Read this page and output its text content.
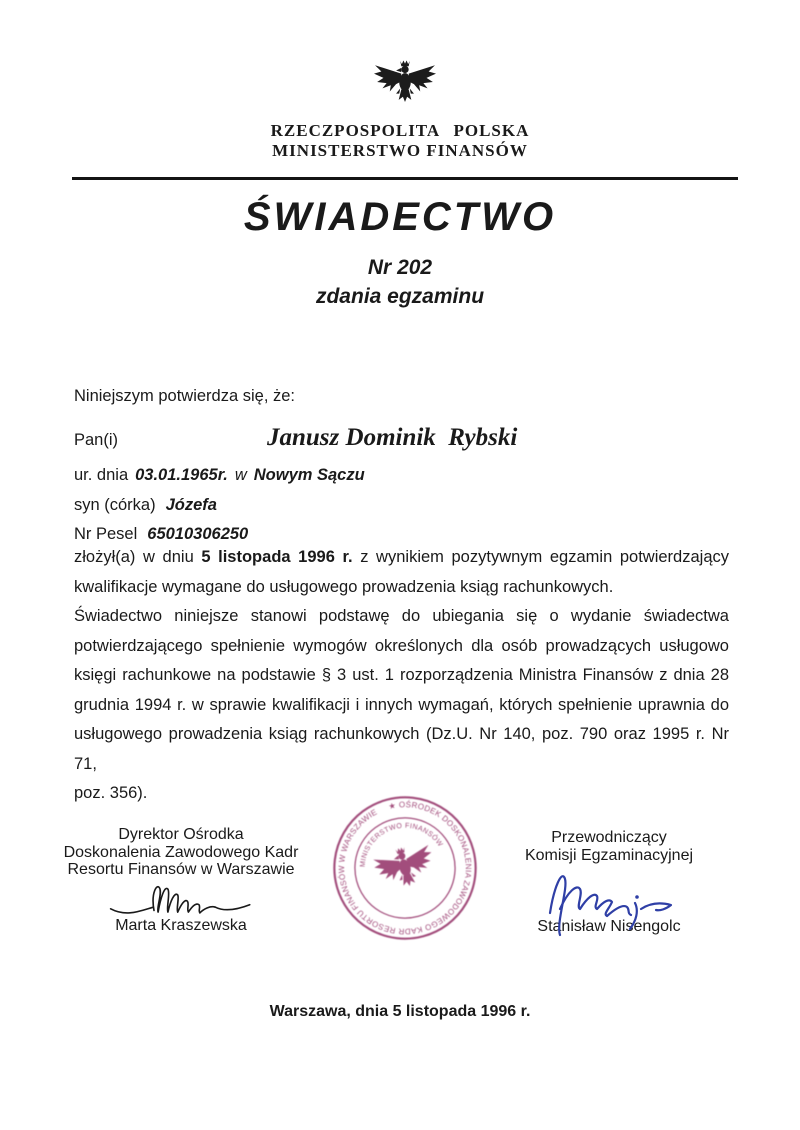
RZECZPOSPOLITA POLSKA
MINISTERSTWO FINANSÓW
ŚWIADECTWO
Nr 202
zdania egzaminu
Niniejszym potwierdza się, że:
Pan(i)	Janusz Dominik  Rybski
ur. dnia 03.01.1965r. w Nowym Sączu
syn (córka) Józefa
Nr Pesel 65010306250
złożył(a) w dniu 5 listopada 1996 r. z wynikiem pozytywnym egzamin potwierdzający
kwalifikacje wymagane do usługowego prowadzenia ksiąg rachunkowych.
Świadectwo niniejsze stanowi podstawę do ubiegania się o wydanie świadectwa
potwierdzającego spełnienie wymogów określonych dla osób prowadzących usługowo
księgi rachunkowe na podstawie § 3 ust. 1 rozporządzenia Ministra Finansów z dnia 28
grudnia 1994 r. w sprawie kwalifikacji i innych wymagań, których spełnienie uprawnia do
usługowego prowadzenia ksiąg rachunkowych (Dz.U. Nr 140, poz. 790 oraz 1995 r. Nr 71,
poz. 356).
Dyrektor Ośrodka
Doskonalenia Zawodowego Kadr
Resortu Finansów w Warszawie
Marta Kraszewska
★ OŚRODEK DOSKONALENIA ZAWODOWEGO KADR RESORTU FINANSÓW W WARSZAWIE
MINISTERSTWO FINANSÓW	Przewodniczący
Komisji Egzaminacyjnej
Stanisław Nisengolc
Warszawa, dnia 5 listopada 1996 r.
